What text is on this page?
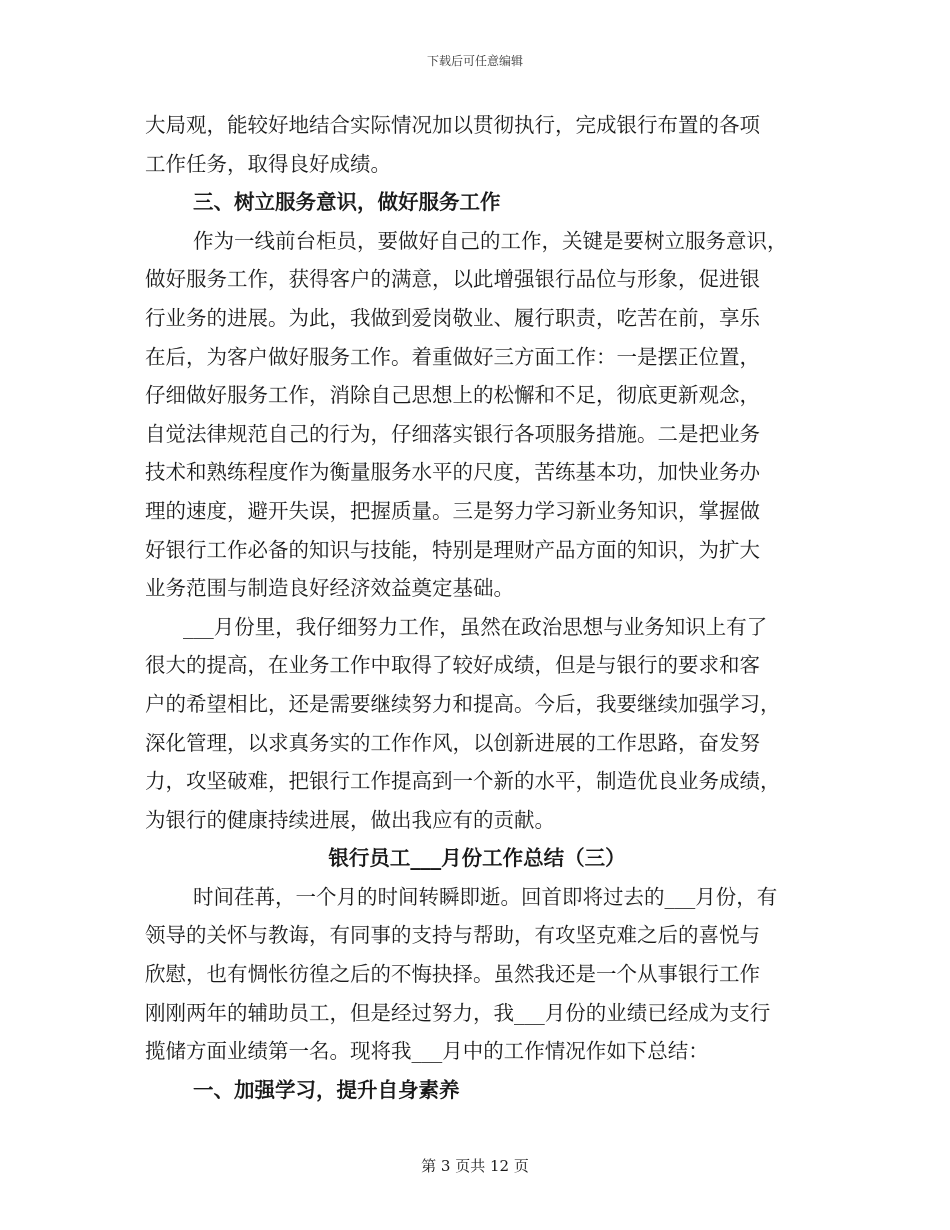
下载后可任意编辑
大局观，能较好地结合实际情况加以贯彻执行，完成银行布置的各项
工作任务，取得良好成绩。
三、树立服务意识，做好服务工作
作为一线前台柜员，要做好自己的工作，关键是要树立服务意识，
做好服务工作，获得客户的满意，以此增强银行品位与形象，促进银
行业务的进展。为此，我做到爱岗敬业、履行职责，吃苦在前，享乐
在后，为客户做好服务工作。着重做好三方面工作：一是摆正位置，
仔细做好服务工作，消除自己思想上的松懈和不足，彻底更新观念，
自觉法律规范自己的行为，仔细落实银行各项服务措施。二是把业务
技术和熟练程度作为衡量服务水平的尺度，苦练基本功，加快业务办
理的速度，避开失误，把握质量。三是努力学习新业务知识，掌握做
好银行工作必备的知识与技能，特别是理财产品方面的知识，为扩大
业务范围与制造良好经济效益奠定基础。
___月份里，我仔细努力工作，虽然在政治思想与业务知识上有了
很大的提高，在业务工作中取得了较好成绩，但是与银行的要求和客
户的希望相比，还是需要继续努力和提高。今后，我要继续加强学习，
深化管理，以求真务实的工作作风，以创新进展的工作思路，奋发努
力，攻坚破难，把银行工作提高到一个新的水平，制造优良业务成绩，
为银行的健康持续进展，做出我应有的贡献。
银行员工___月份工作总结（三）
时间荏苒，一个月的时间转瞬即逝。回首即将过去的___月份，有
领导的关怀与教诲，有同事的支持与帮助，有攻坚克难之后的喜悦与
欣慰，也有惆怅彷徨之后的不悔抉择。虽然我还是一个从事银行工作
刚刚两年的辅助员工，但是经过努力，我___月份的业绩已经成为支行
揽储方面业绩第一名。现将我___月中的工作情况作如下总结：
一、加强学习，提升自身素养
第 3 页共 12 页
